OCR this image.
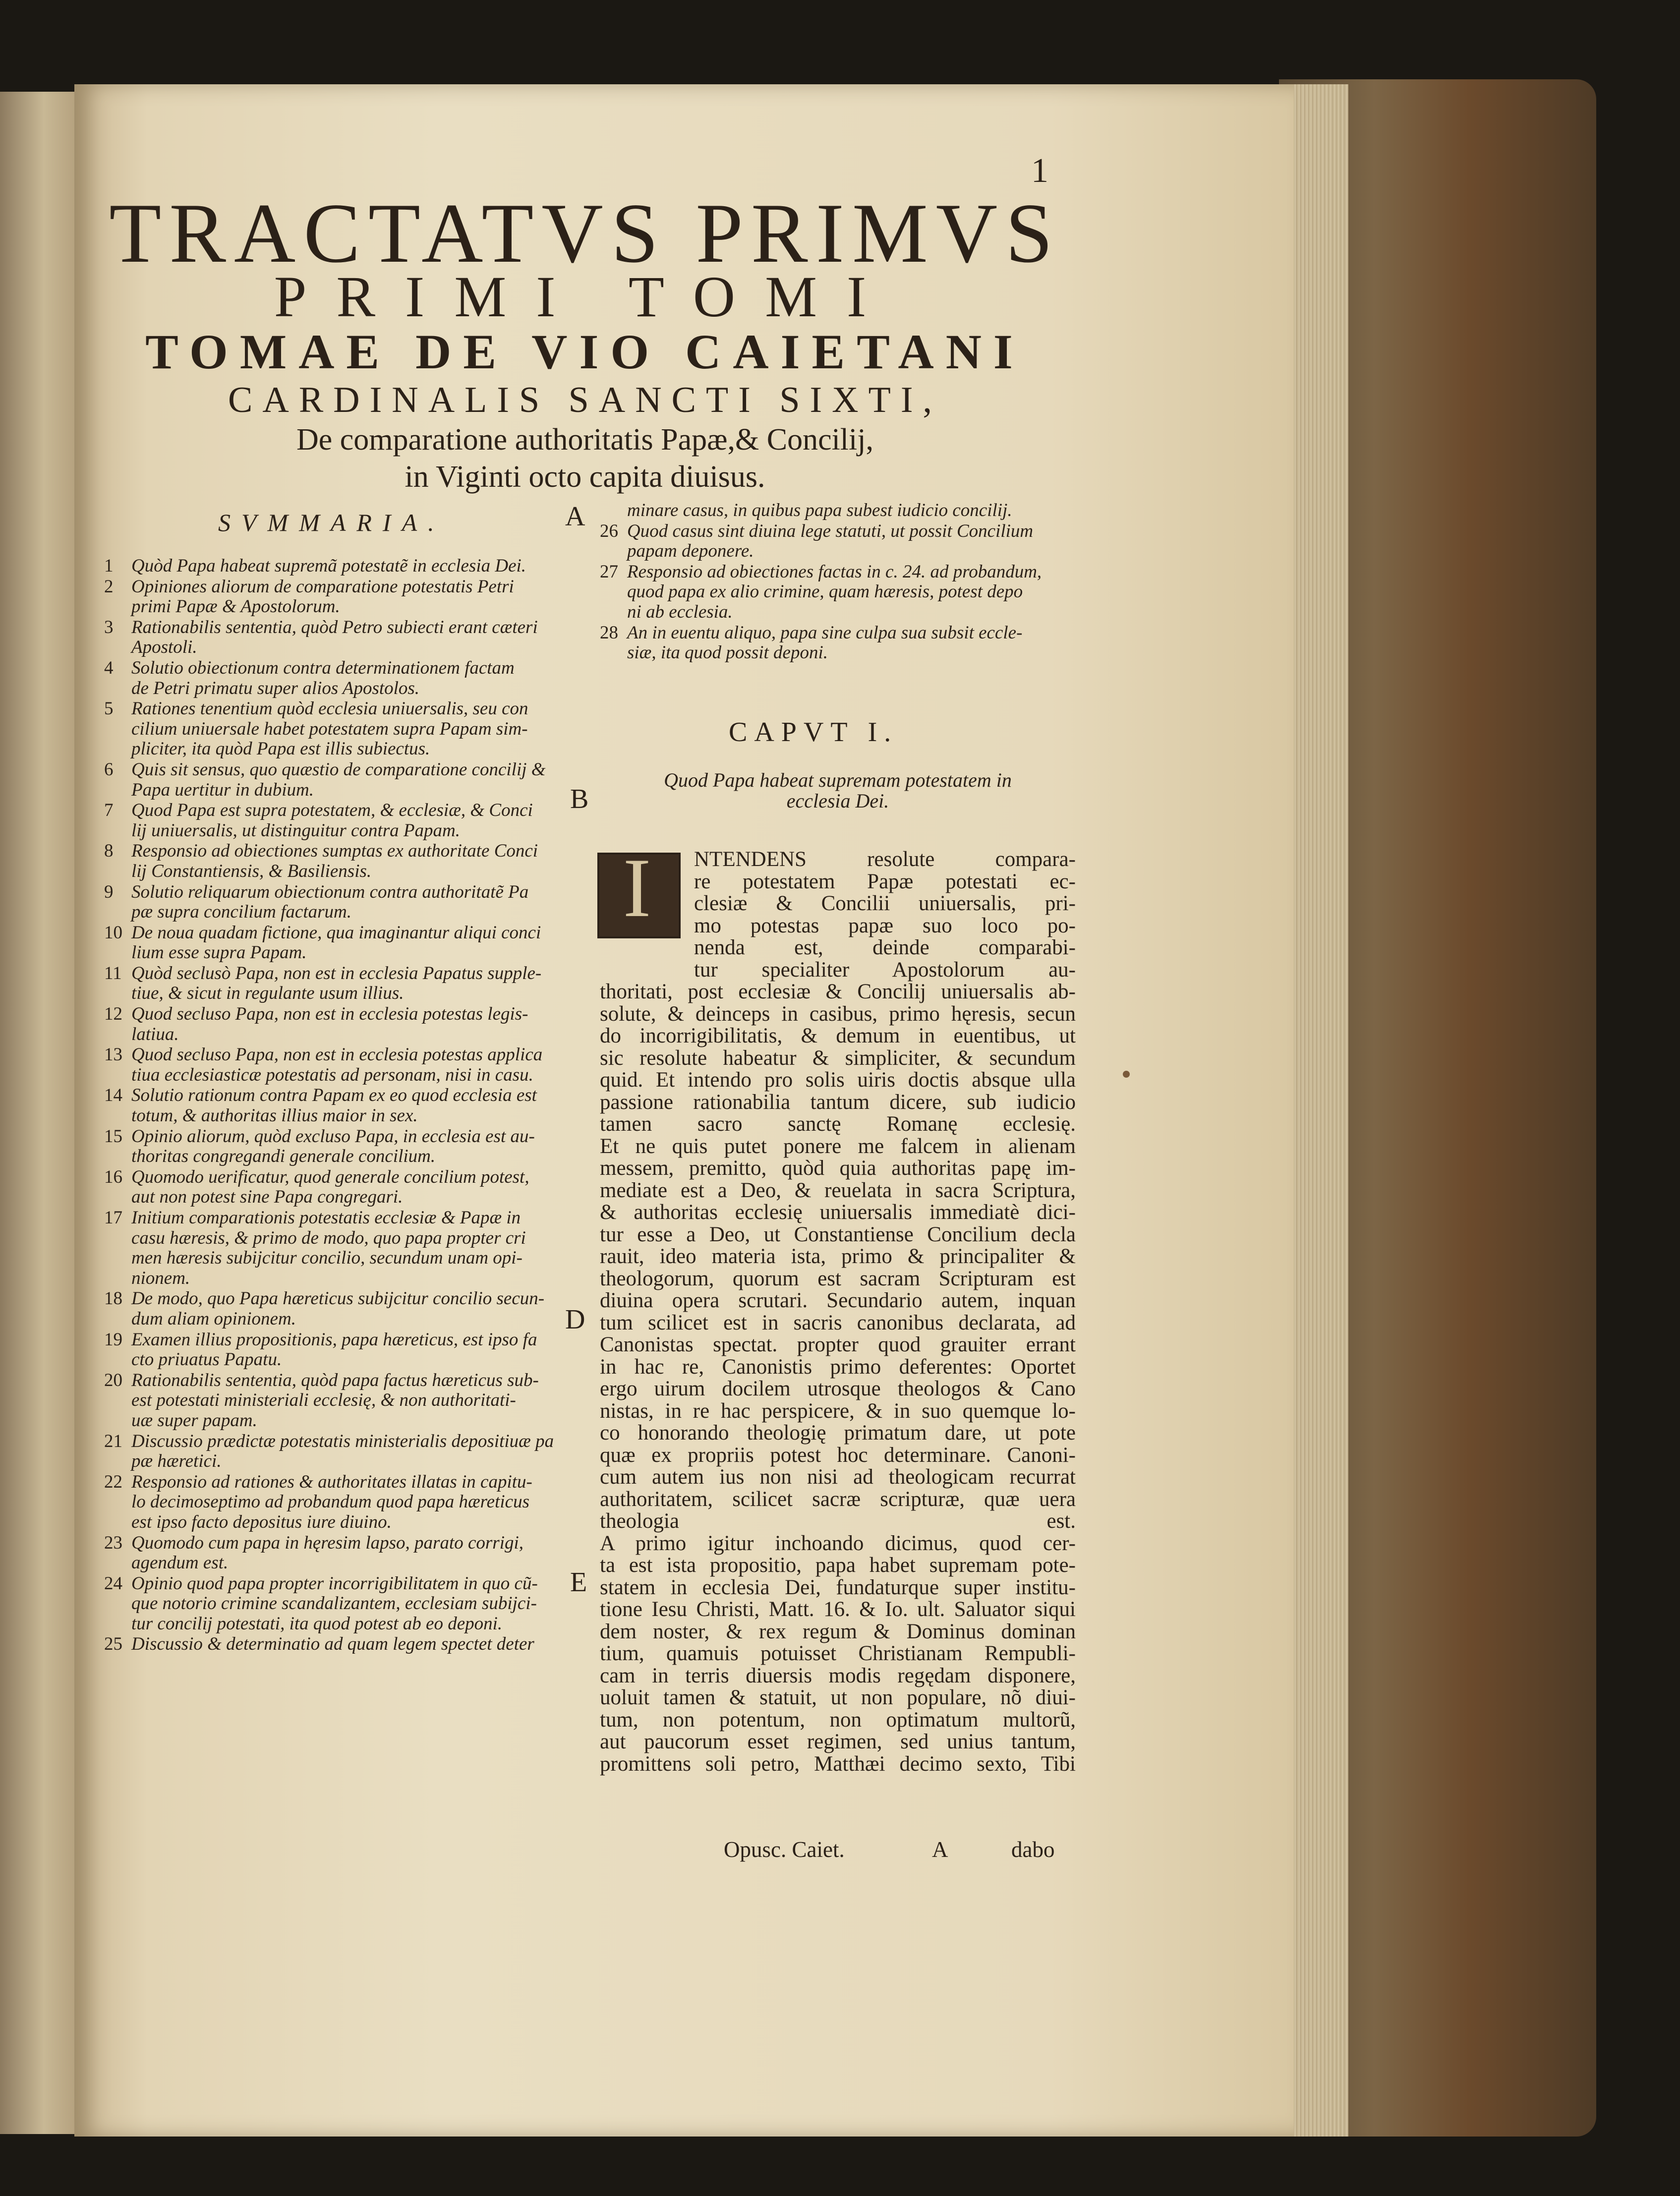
1
TRACTATVS PRIMVS
PRIMI TOMI
TOMAE DE VIO CAIETANI
CARDINALIS SANCTI SIXTI,
De comparatione authoritatis Papæ,& Concilij,
in Viginti octo capita diuisus.
SVMMARIA.
1 Quòd Papa habeat supremã potestatẽ in ecclesia Dei.
2 Opiniones aliorum de comparatione potestatis Petri
primi Papæ & Apostolorum.
3 Rationabilis sententia, quòd Petro subiecti erant cæteri
Apostoli.
4 Solutio obiectionum contra determinationem factam
de Petri primatu super alios Apostolos.
5 Rationes tenentium quòd ecclesia uniuersalis, seu con
cilium uniuersale habet potestatem supra Papam sim-
pliciter, ita quòd Papa est illis subiectus.
6 Quis sit sensus, quo quæstio de comparatione concilij &
Papa uertitur in dubium.
7 Quod Papa est supra potestatem, & ecclesiæ, & Conci
lij uniuersalis, ut distinguitur contra Papam.
8 Responsio ad obiectiones sumptas ex authoritate Conci
lij Constantiensis, & Basiliensis.
9 Solutio reliquarum obiectionum contra authoritatẽ Pa
pæ supra concilium factarum.
10 De noua quadam fictione, qua imaginantur aliqui conci
lium esse supra Papam.
11 Quòd seclusò Papa, non est in ecclesia Papatus supple-
tiue, & sicut in regulante usum illius.
12 Quod secluso Papa, non est in ecclesia potestas legis-
latiua.
13 Quod secluso Papa, non est in ecclesia potestas applica
tiua ecclesiasticæ potestatis ad personam, nisi in casu.
14 Solutio rationum contra Papam ex eo quod ecclesia est
totum, & authoritas illius maior in sex.
15 Opinio aliorum, quòd excluso Papa, in ecclesia est au-
thoritas congregandi generale concilium.
16 Quomodo uerificatur, quod generale concilium potest,
aut non potest sine Papa congregari.
17 Initium comparationis potestatis ecclesiæ & Papæ in
casu hæresis, & primo de modo, quo papa propter cri
men hæresis subijcitur concilio, secundum unam opi-
nionem.
18 De modo, quo Papa hæreticus subijcitur concilio secun-
dum aliam opinionem.
19 Examen illius propositionis, papa hæreticus, est ipso fa
cto priuatus Papatu.
20 Rationabilis sententia, quòd papa factus hæreticus sub-
est potestati ministeriali ecclesię, & non authoritati-
uæ super papam.
21 Discussio prædictæ potestatis ministerialis depositiuæ pa
pæ hæretici.
22 Responsio ad rationes & authoritates illatas in capitu-
lo decimoseptimo ad probandum quod papa hæreticus
est ipso facto depositus iure diuino.
23 Quomodo cum papa in hęresim lapso, parato corrigi,
agendum est.
24 Opinio quod papa propter incorrigibilitatem in quo cũ-
que notorio crimine scandalizantem, ecclesiam subijci-
tur concilij potestati, ita quod potest ab eo deponi.
25 Discussio & determinatio ad quam legem spectet deter
minare casus, in quibus papa subest iudicio concilij.
26 Quod casus sint diuina lege statuti, ut possit Concilium
papam deponere.
27 Responsio ad obiectiones factas in c. 24. ad probandum,
quod papa ex alio crimine, quam hæresis, potest depo
ni ab ecclesia.
28 An in euentu aliquo, papa sine culpa sua subsit eccle-
siæ, ita quod possit deponi.
A
B
D
E
CAPVT I.
Quod Papa habeat supremam potestatem in
ecclesia Dei.
I	NTENDENS resolute compara-
re potestatem Papæ potestati ec-
clesiæ & Concilii uniuersalis, pri-
mo potestas papæ suo loco po-
nenda est, deinde comparabi-
tur specialiter Apostolorum au-
thoritati, post ecclesiæ & Concilij uniuersalis ab-
solute, & deinceps in casibus, primo hęresis, secun
do incorrigibilitatis, & demum in euentibus, ut
sic resolute habeatur & simpliciter, & secundum
quid. Et intendo pro solis uiris doctis absque ulla
passione rationabilia tantum dicere, sub iudicio
tamen sacro sanctę Romanę ecclesię.
Et ne quis putet ponere me falcem in alienam
messem, premitto, quòd quia authoritas papę im-
mediate est a Deo, & reuelata in sacra Scriptura,
& authoritas ecclesię uniuersalis immediatè dici-
tur esse a Deo, ut Constantiense Concilium decla
rauit, ideo materia ista, primo & principaliter &
theologorum, quorum est sacram Scripturam est
diuina opera scrutari. Secundario autem, inquan
tum scilicet est in sacris canonibus declarata, ad
Canonistas spectat. propter quod grauiter errant
in hac re, Canonistis primo deferentes: Oportet
ergo uirum docilem utrosque theologos & Cano
nistas, in re hac perspicere, & in suo quemque lo-
co honorando theologię primatum dare, ut pote
quæ ex propriis potest hoc determinare. Canoni-
cum autem ius non nisi ad theologicam recurrat
authoritatem, scilicet sacræ scripturæ, quæ uera
theologia est.
A primo igitur inchoando dicimus, quod cer-
ta est ista propositio, papa habet supremam pote-
statem in ecclesia Dei, fundaturque super institu-
tione Iesu Christi, Matt. 16. & Io. ult. Saluator siqui
dem noster, & rex regum & Dominus dominan
tium, quamuis potuisset Christianam Rempubli-
cam in terris diuersis modis regędam disponere,
uoluit tamen & statuit, ut non populare, nõ diui-
tum, non potentum, non optimatum multorũ,
aut paucorum esset regimen, sed unius tantum,
promittens soli petro, Matthæi decimo sexto, Tibi
Opusc. Caiet.	A	dabo
